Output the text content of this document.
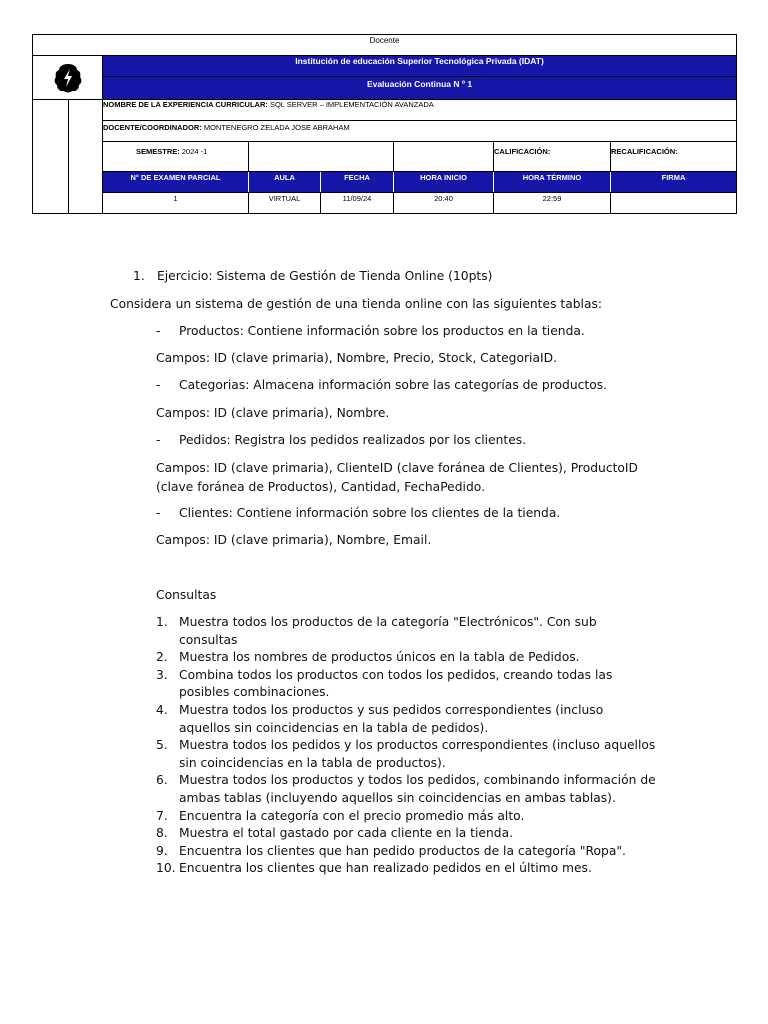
Docente
Institución de educación Superior Tecnológica Privada (IDAT)
Evaluación Continua N º 1
NOMBRE DE LA EXPERIENCIA CURRICULAR: SQL SERVER – IMPLEMENTACIÓN AVANZADA
DOCENTE/COORDINADOR: MONTENEGRO ZELADA JOSE ABRAHAM
SEMESTRE: 2024 -1	CALIFICACIÓN:	RECALIFICACIÓN:
N° DE EXAMEN PARCIAL	AULA	FECHA	HORA INICIO	HORA TÉRMINO	FIRMA
1	VIRTUAL	11/09/24	20:40	22:59
1. Ejercicio: Sistema de Gestión de Tienda Online (10pts)
Considera un sistema de gestión de una tienda online con las siguientes tablas:
- Productos: Contiene información sobre los productos en la tienda.
Campos: ID (clave primaria), Nombre, Precio, Stock, CategoriaID.
- Categorias: Almacena información sobre las categorías de productos.
Campos: ID (clave primaria), Nombre.
- Pedidos: Registra los pedidos realizados por los clientes.
Campos: ID (clave primaria), ClienteID (clave foránea de Clientes), ProductoID (clave foránea de Productos), Cantidad, FechaPedido.
- Clientes: Contiene información sobre los clientes de la tienda.
Campos: ID (clave primaria), Nombre, Email.
Consultas
1. Muestra todos los productos de la categoría "Electrónicos". Con sub consultas
2. Muestra los nombres de productos únicos en la tabla de Pedidos.
3. Combina todos los productos con todos los pedidos, creando todas las posibles combinaciones.
4. Muestra todos los productos y sus pedidos correspondientes (incluso aquellos sin coincidencias en la tabla de pedidos).
5. Muestra todos los pedidos y los productos correspondientes (incluso aquellos sin coincidencias en la tabla de productos).
6. Muestra todos los productos y todos los pedidos, combinando información de ambas tablas (incluyendo aquellos sin coincidencias en ambas tablas).
7. Encuentra la categoría con el precio promedio más alto.
8. Muestra el total gastado por cada cliente en la tienda.
9. Encuentra los clientes que han pedido productos de la categoría "Ropa".
10. Encuentra los clientes que han realizado pedidos en el último mes.
